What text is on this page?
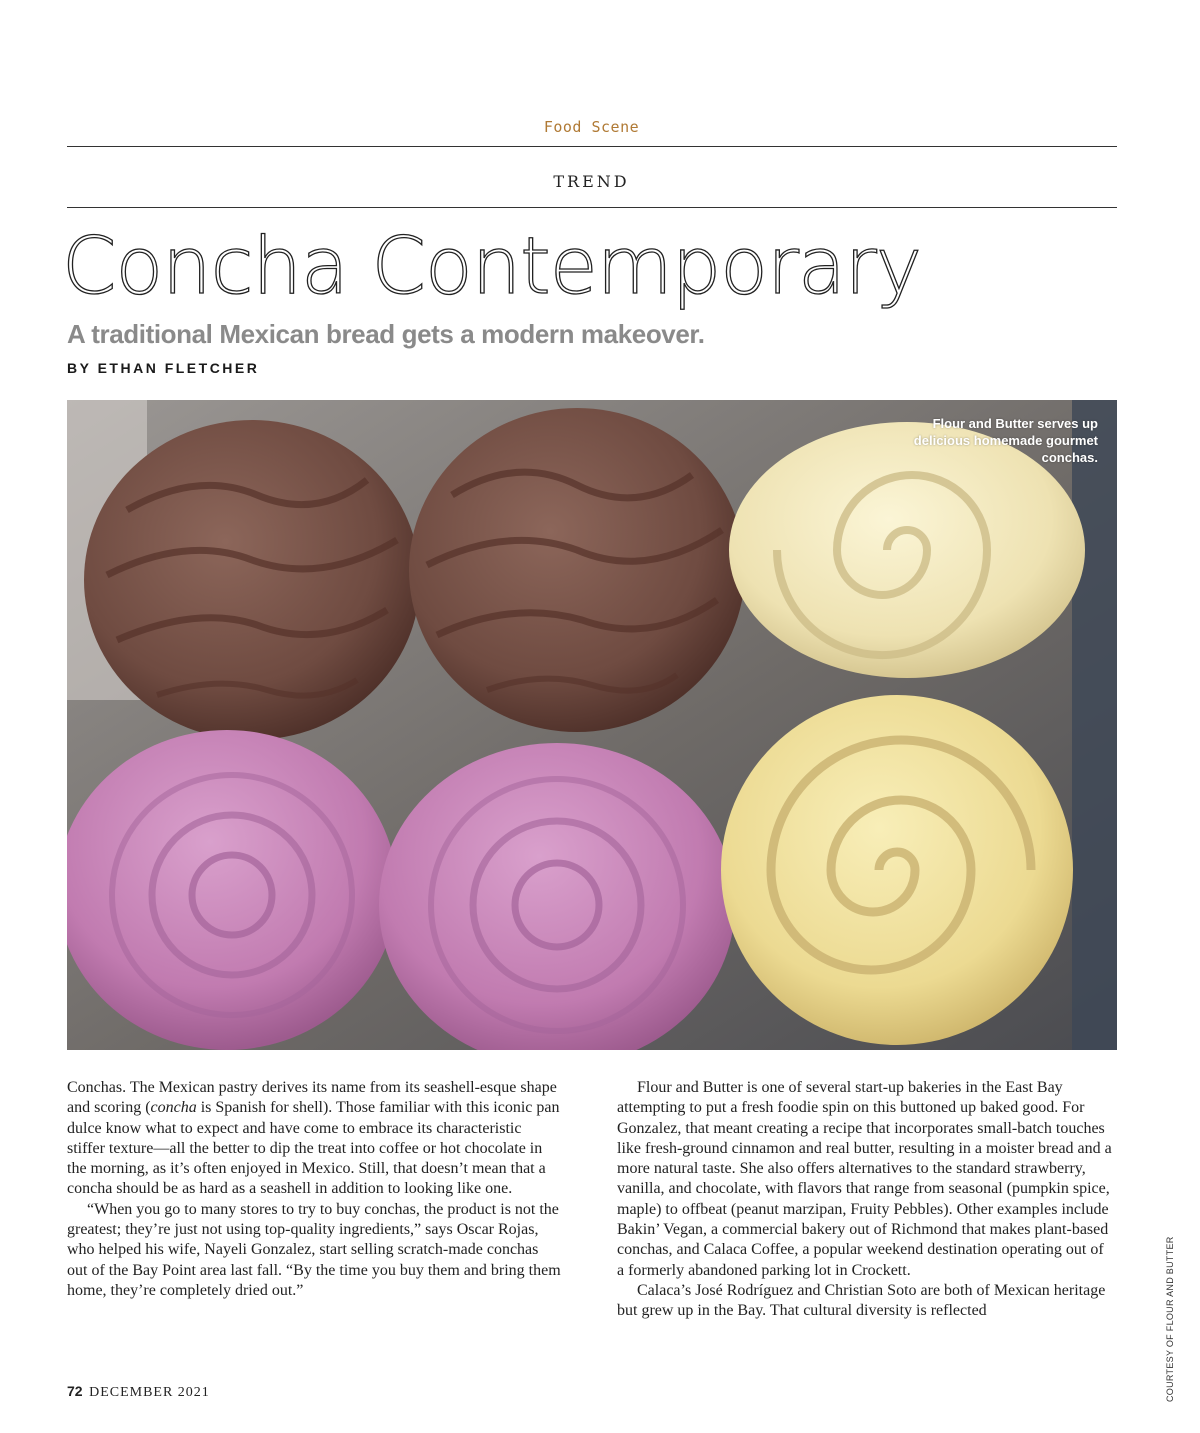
Food Scene
TREND
Concha Contemporary
A traditional Mexican bread gets a modern makeover.
BY ETHAN FLETCHER
Flour and Butter serves up delicious homemade gourmet conchas.

Conchas. The Mexican pastry derives its name from its seashell-esque shape and scoring (concha is Spanish for shell). Those familiar with this iconic pan dulce know what to expect and have come to embrace its characteristic stiffer texture—all the better to dip the treat into coffee or hot chocolate in the morning, as it’s often enjoyed in Mexico. Still, that doesn’t mean that a concha should be as hard as a seashell in addition to looking like one.

“When you go to many stores to try to buy conchas, the product is not the greatest; they’re just not using top-quality ingredients,” says Oscar Rojas, who helped his wife, Nayeli Gonzalez, start selling scratch-made conchas out of the Bay Point area last fall. “By the time you buy them and bring them home, they’re completely dried out.”

Flour and Butter is one of several start-up bakeries in the East Bay attempting to put a fresh foodie spin on this buttoned up baked good. For Gonzalez, that meant creating a recipe that incorporates small-batch touches like fresh-ground cinnamon and real butter, resulting in a moister bread and a more natural taste. She also offers alternatives to the standard strawberry, vanilla, and chocolate, with flavors that range from seasonal (pumpkin spice, maple) to offbeat (peanut marzipan, Fruity Pebbles). Other examples include Bakin’ Vegan, a commercial bakery out of Richmond that makes plant-based conchas, and Calaca Coffee, a popular weekend destination operating out of a formerly abandoned parking lot in Crockett.

Calaca’s José Rodríguez and Christian Soto are both of Mexican heritage but grew up in the Bay. That cultural diversity is reflected	COURTESY OF FLOUR AND BUTTER
72 DECEMBER 2021
